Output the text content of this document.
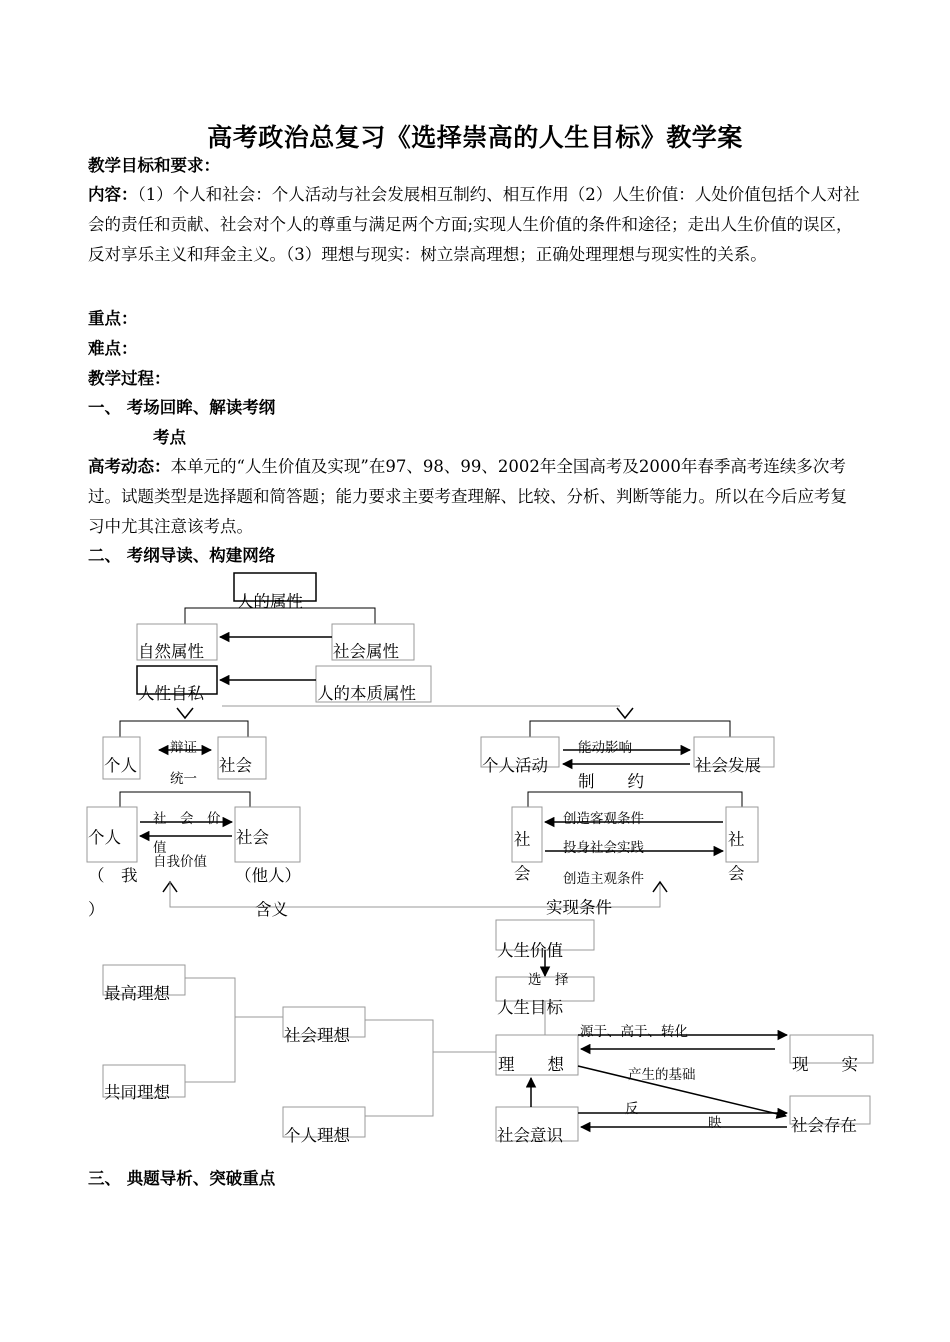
高考政治总复习《选择崇高的人生目标》教学案
教学目标和要求：
内容：（1）个人和社会：个人活动与社会发展相互制约、相互作用（2）人生价值：人处价值包括个人对社会的责任和贡献、社会对个人的尊重与满足两个方面;实现人生价值的条件和途径；走出人生价值的误区，反对享乐主义和拜金主义。（3）理想与现实：树立崇高理想；正确处理理想与现实性的关系。
重点：
难点：
教学过程：
一、 考场回眸、解读考纲
考点
高考动态：本单元的“人生价值及实现”在97、98、99、2002年全国高考及2000年春季高考连续多次考过。试题类型是选择题和简答题；能力要求主要考查理解、比较、分析、判断等能力。所以在今后应考复习中尤其注意该考点。
二、 考纲导读、构建网络
人的属性
自然属性	社会属性
人性自私	人的本质属性
个人	社会
辩证
统一
个人活动	社会发展
能动影响
制　　约
个人
（　我
）
社会
（他人）
社　会　价
值
自我价值
含义
社
会
社
会
创造客观条件
投身社会实践
创造主观条件
实现条件
人生价值
选　择
人生目标
最高理想
共同理想
社会理想
个人理想
理　　想	现　　实
源于、高于、转化
产生的基础
反
映
社会意识
社会存在
三、 典题导析、突破重点
